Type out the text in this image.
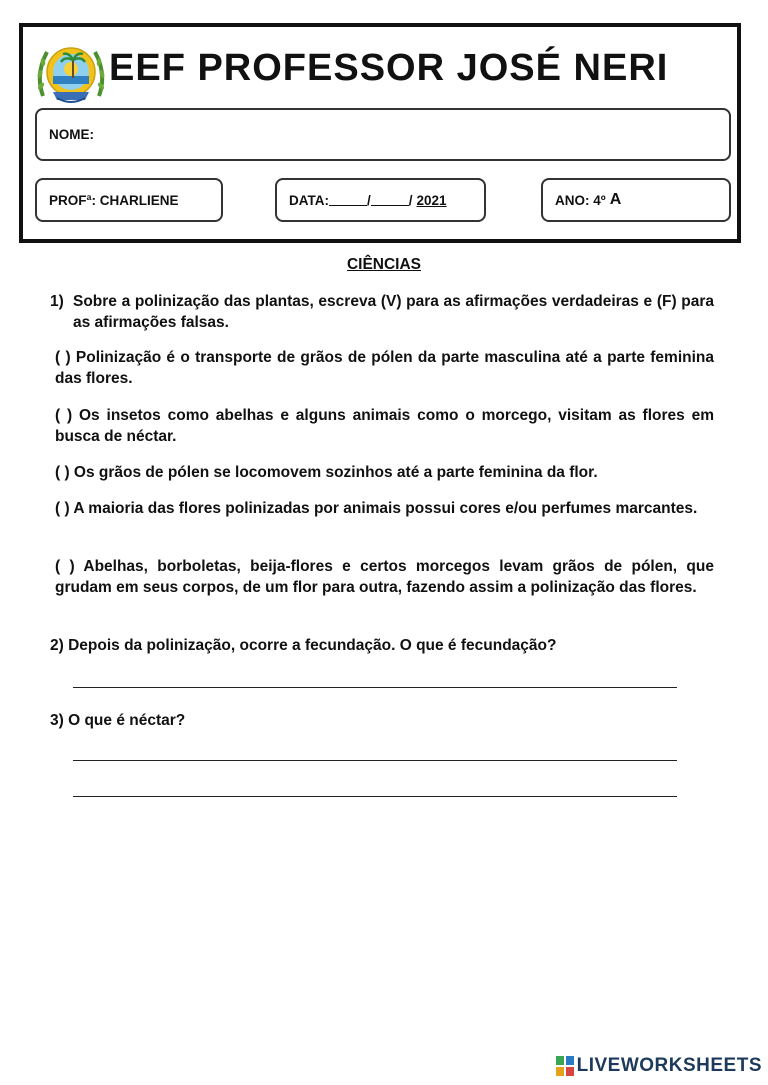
EEF PROFESSOR JOSÉ NERI
NOME:
PROFª: CHARLIENE	DATA:	/	/ 2021	ANO: 4º A
CIÊNCIAS
1) Sobre a polinização das plantas, escreva (V) para as afirmações verdadeiras e (F) para as afirmações falsas.
( ) Polinização é o transporte de grãos de pólen da parte masculina até a parte feminina das flores.
( ) Os insetos como abelhas e alguns animais como o morcego, visitam as flores em busca de néctar.
( ) Os grãos de pólen se locomovem sozinhos até a parte feminina da flor.
( ) A maioria das flores polinizadas por animais possui cores e/ou perfumes marcantes.
( ) Abelhas, borboletas, beija-flores e certos morcegos levam grãos de pólen, que grudam em seus corpos, de um flor para outra, fazendo assim a polinização das flores.
2) Depois da polinização, ocorre a fecundação. O que é fecundação?
3) O que é néctar?
LIVEWORKSHEETS
